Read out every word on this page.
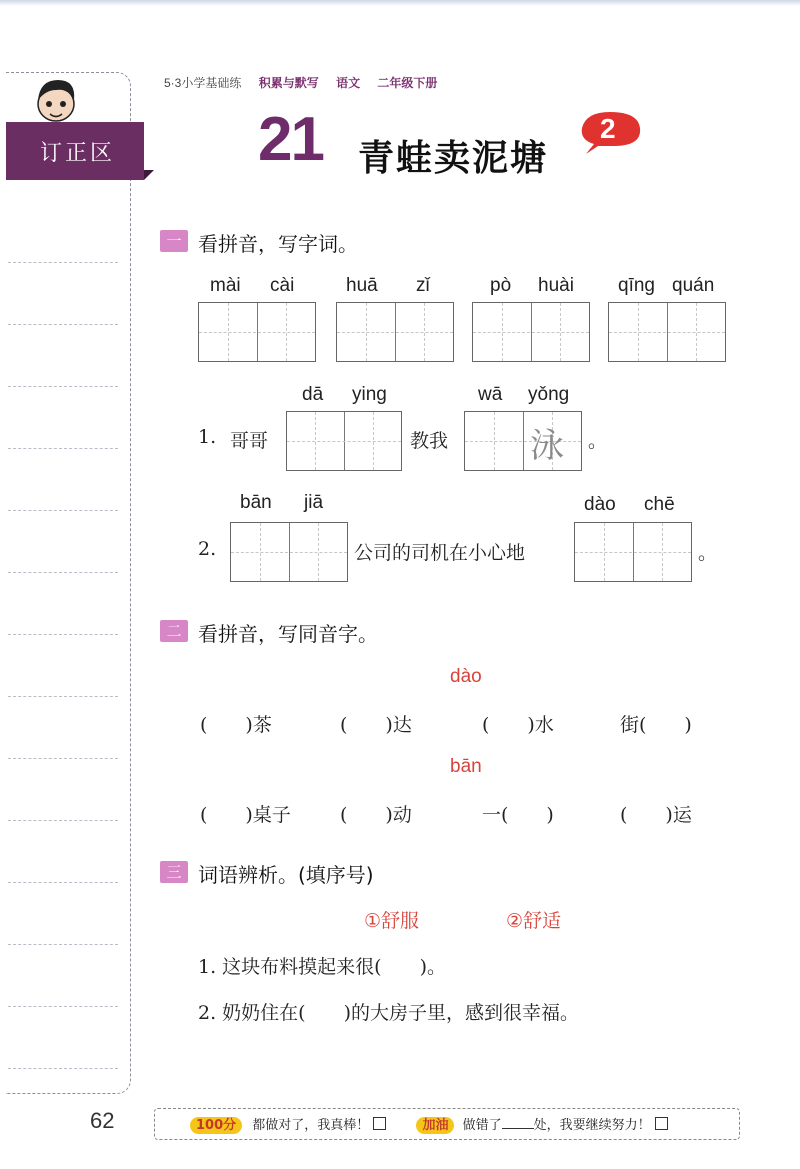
订正区
5·3小学基础练 积累与默写 语文 二年级下册
21 青蛙卖泥塘
2
一 看拼音，写字词。
mài cài	huā zǐ	pò huài qīng quán
dā ying	wā yǒng
1. 哥哥	教我 泳 。
bān jiā	dào chē
2.	公司的司机在小心地	。
二 看拼音，写同音字。
dào
(　　)茶	(　　)达	(　　)水	街(　　)
bān
(　　)桌子	(　　)动	一(　　)	(　　)运
三 词语辨析。(填序号)
①舒服	②舒适
1. 这块布料摸起来很(　　)。
2. 奶奶住在(　　)的大房子里，感到很幸福。
62	100分 都做对了，我真棒！	加油 做错了 处，我要继续努力！
